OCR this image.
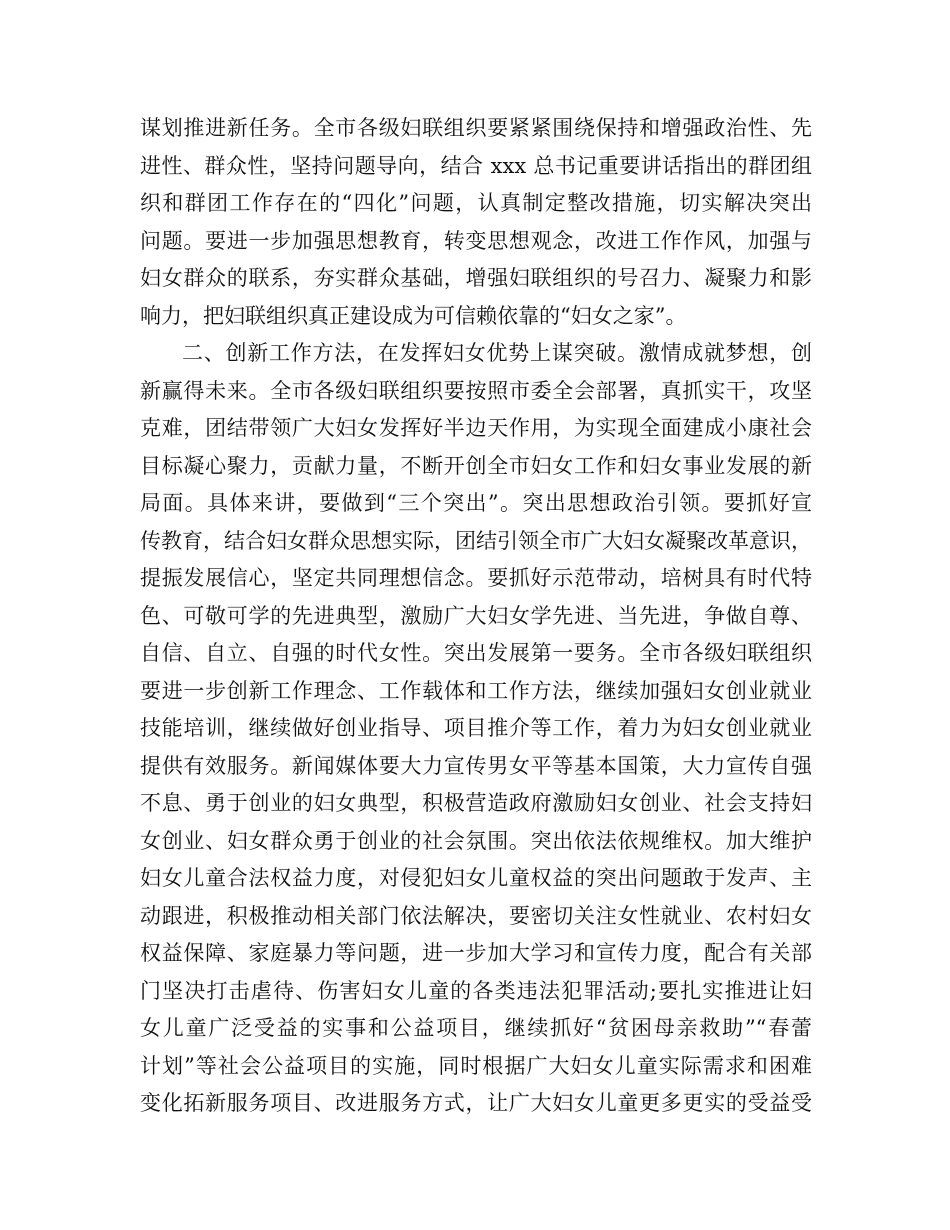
谋划推进新任务。全市各级妇联组织要紧紧围绕保持和增强政治性、先
进性、群众性，坚持问题导向，结合 xxx 总书记重要讲话指出的群团组
织和群团工作存在的“四化”问题，认真制定整改措施，切实解决突出
问题。要进一步加强思想教育，转变思想观念，改进工作作风，加强与
妇女群众的联系，夯实群众基础，增强妇联组织的号召力、凝聚力和影
响力，把妇联组织真正建设成为可信赖依靠的“妇女之家”。
二、创新工作方法，在发挥妇女优势上谋突破。激情成就梦想，创
新赢得未来。全市各级妇联组织要按照市委全会部署，真抓实干，攻坚
克难，团结带领广大妇女发挥好半边天作用，为实现全面建成小康社会
目标凝心聚力，贡献力量，不断开创全市妇女工作和妇女事业发展的新
局面。具体来讲，要做到“三个突出”。突出思想政治引领。要抓好宣
传教育，结合妇女群众思想实际，团结引领全市广大妇女凝聚改革意识，
提振发展信心，坚定共同理想信念。要抓好示范带动，培树具有时代特
色、可敬可学的先进典型，激励广大妇女学先进、当先进，争做自尊、
自信、自立、自强的时代女性。突出发展第一要务。全市各级妇联组织
要进一步创新工作理念、工作载体和工作方法，继续加强妇女创业就业
技能培训，继续做好创业指导、项目推介等工作，着力为妇女创业就业
提供有效服务。新闻媒体要大力宣传男女平等基本国策，大力宣传自强
不息、勇于创业的妇女典型，积极营造政府激励妇女创业、社会支持妇
女创业、妇女群众勇于创业的社会氛围。突出依法依规维权。加大维护
妇女儿童合法权益力度，对侵犯妇女儿童权益的突出问题敢于发声、主
动跟进，积极推动相关部门依法解决，要密切关注女性就业、农村妇女
权益保障、家庭暴力等问题，进一步加大学习和宣传力度，配合有关部
门坚决打击虐待、伤害妇女儿童的各类违法犯罪活动;要扎实推进让妇
女儿童广泛受益的实事和公益项目，继续抓好“贫困母亲救助”“春蕾
计划”等社会公益项目的实施，同时根据广大妇女儿童实际需求和困难
变化拓新服务项目、改进服务方式，让广大妇女儿童更多更实的受益受
